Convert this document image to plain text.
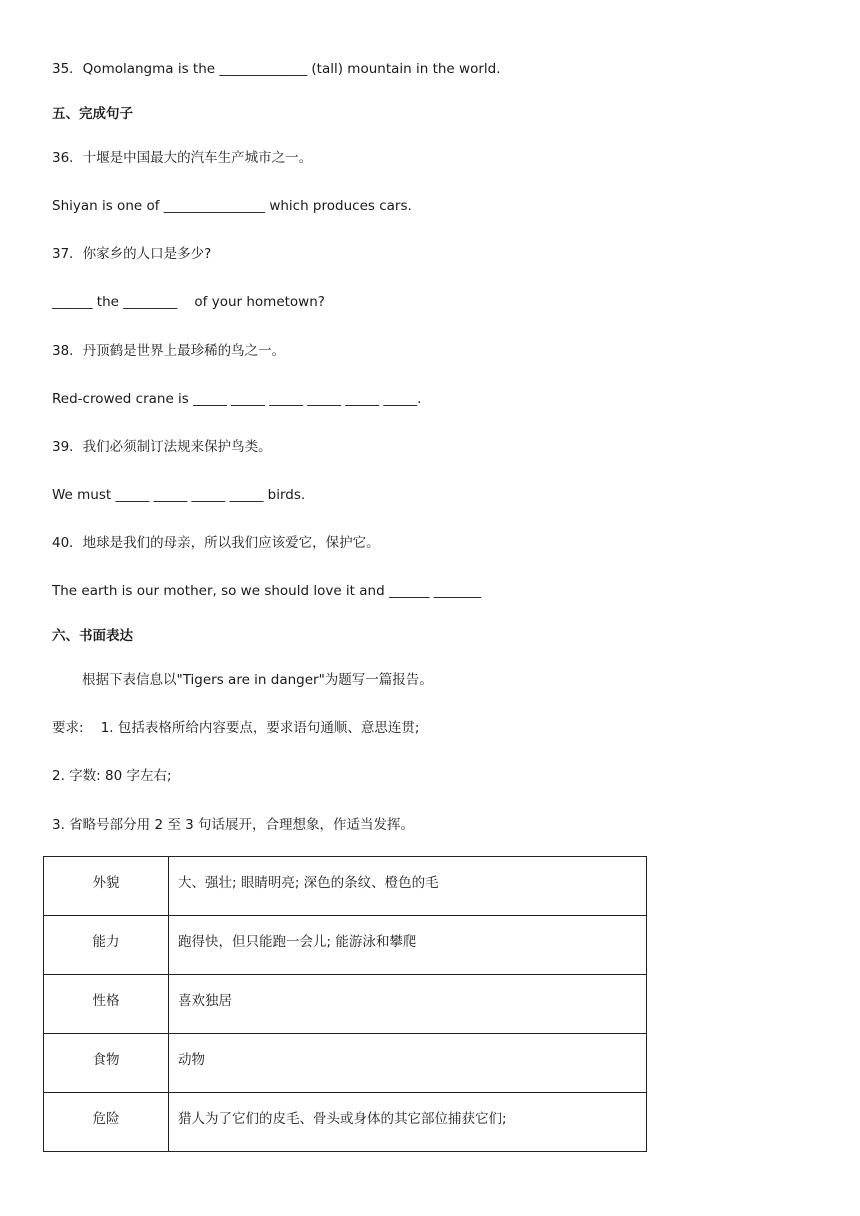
35．Qomolangma is the _____________ (tall) mountain in the world.
五、完成句子
36．十堰是中国最大的汽车生产城市之一。
Shiyan is one of _______________ which produces cars.
37．你家乡的人口是多少?
______ the ________    of your hometown?
38．丹顶鹤是世界上最珍稀的鸟之一。
Red-crowed crane is _____ _____ _____ _____ _____ _____.
39．我们必须制订法规来保护鸟类。
We must _____ _____ _____ _____ birds.
40．地球是我们的母亲，所以我们应该爱它，保护它。
The earth is our mother, so we should love it and ______ _______
六、书面表达
根据下表信息以"Tigers are in danger"为题写一篇报告。
要求:    1. 包括表格所给内容要点，要求语句通顺、意思连贯;
2. 字数: 80 字左右;
3. 省略号部分用 2 至 3 句话展开，合理想象，作适当发挥。
外貌	大、强壮; 眼睛明亮; 深色的条纹、橙色的毛
能力	跑得快，但只能跑一会儿; 能游泳和攀爬
性格	喜欢独居
食物	动物
危险	猎人为了它们的皮毛、骨头或身体的其它部位捕获它们;
